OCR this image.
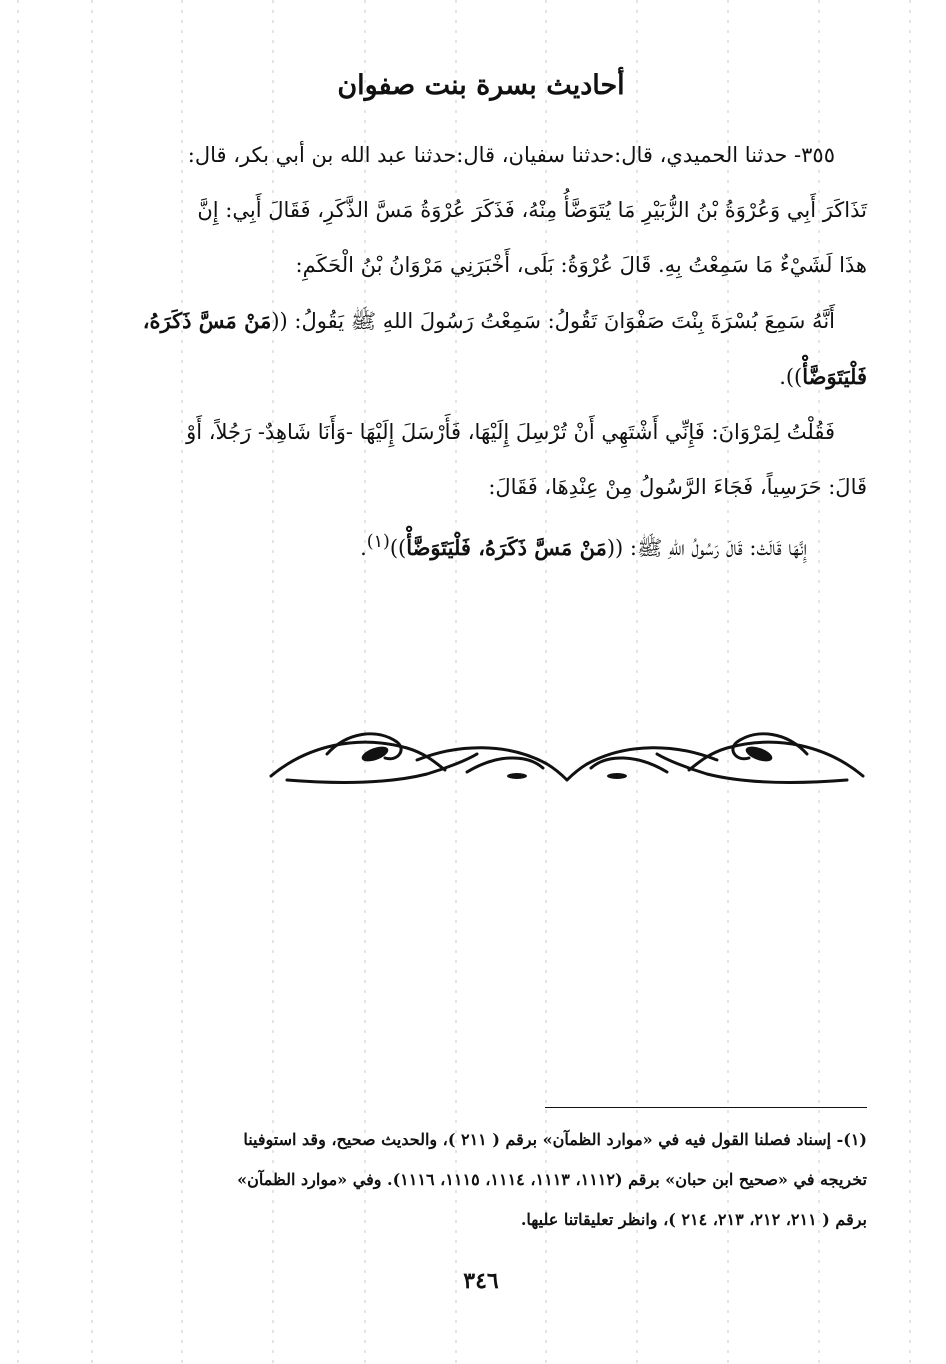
أحاديث بسرة بنت صفوان

٣٥٥- حدثنا الحميدي، قال:حدثنا سفيان، قال:حدثنا عبد الله بن أبي بكر، قال:

تَذَاكَرَ أَبِي وَعُرْوَةُ بْنُ الزُّبَيْرِ مَا يُتَوَضَّأُ مِنْهُ، فَذَكَرَ عُرْوَةُ مَسَّ الذَّكَرِ، فَقَالَ أَبِي: إِنَّ

هذَا لَشَيْءٌ مَا سَمِعْتُ بِهِ. قَالَ عُرْوَةُ: بَلَى، أَخْبَرَنِي مَرْوَانُ بْنُ الْحَكَمِ:

أَنَّهُ سَمِعَ بُسْرَةَ بِنْتَ صَفْوَانَ تَقُولُ: سَمِعْتُ رَسُولَ اللهِ ﷺ يَقُولُ: ((مَنْ مَسَّ ذَكَرَهُ،

فَلْيَتَوَضَّأْ)).

فَقُلْتُ لِمَرْوَانَ: فَإِنِّي أَشْتَهِي أَنْ تُرْسِلَ إِلَيْهَا، فَأَرْسَلَ إِلَيْهَا -وَأَنَا شَاهِدٌ- رَجُلاً، أَوْ

قَالَ: حَرَسِياً، فَجَاءَ الرَّسُولُ مِنْ عِنْدِهَا، فَقَالَ:

إِنَّهَا قَالَتْ: قَالَ رَسُولُ اللهِ ﷺ: ((مَنْ مَسَّ ذَكَرَهُ، فَلْيَتَوَضَّأْ))$^{(١)}$.

(١)- إسناد فصلنا القول فيه في «موارد الظمآن» برقم ( ٢١١ )، والحديث صحيح، وقد استوفينا

تخريجه في «صحيح ابن حبان» برقم (١١١٢، ١١١٣، ١١١٤، ١١١٥، ١١١٦). وفي «موارد الظمآن»

برقم ( ٢١١، ٢١٢، ٢١٣، ٢١٤ )، وانظر تعليقاتنا عليها.

٣٤٦
